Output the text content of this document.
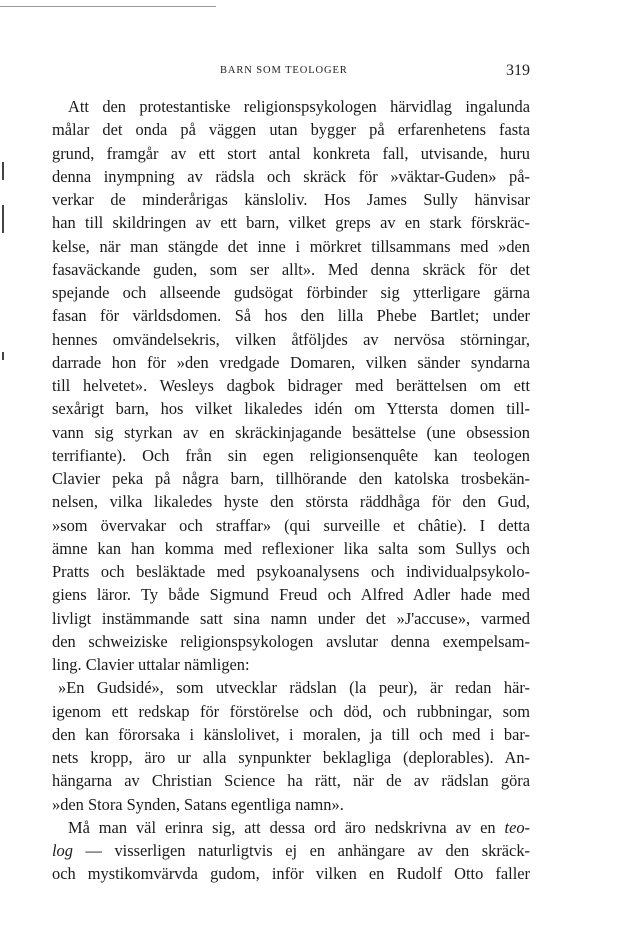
BARN SOM TEOLOGER	319
Att den protestantiske religionspsykologen härvidlag ingalunda
målar det onda på väggen utan bygger på erfarenhetens fasta
grund, framgår av ett stort antal konkreta fall, utvisande, huru
denna inympning av rädsla och skräck för »väktar-Guden» på-
verkar de minderårigas känsloliv. Hos James Sully hänvisar
han till skildringen av ett barn, vilket greps av en stark förskräc-
kelse, när man stängde det inne i mörkret tillsammans med »den
fasaväckande guden, som ser allt». Med denna skräck för det
spejande och allseende gudsögat förbinder sig ytterligare gärna
fasan för världsdomen. Så hos den lilla Phebe Bartlet; under
hennes omvändelsekris, vilken åtföljdes av nervösa störningar,
darrade hon för »den vredgade Domaren, vilken sänder syndarna
till helvetet». Wesleys dagbok bidrager med berättelsen om ett
sexårigt barn, hos vilket likaledes idén om Yttersta domen till-
vann sig styrkan av en skräckinjagande besättelse (une obsession
terrifiante). Och från sin egen religionsenquête kan teologen
Clavier peka på några barn, tillhörande den katolska trosbekän-
nelsen, vilka likaledes hyste den största räddhåga för den Gud,
»som övervakar och straffar» (qui surveille et châtie). I detta
ämne kan han komma med reflexioner lika salta som Sullys och
Pratts och besläktade med psykoanalysens och individualpsykolo-
giens läror. Ty både Sigmund Freud och Alfred Adler hade med
livligt instämmande satt sina namn under det »J'accuse», varmed
den schweiziske religionspsykologen avslutar denna exempelsam-
ling. Clavier uttalar nämligen:
»En Gudsidé», som utvecklar rädslan (la peur), är redan här-
igenom ett redskap för förstörelse och död, och rubbningar, som
den kan förorsaka i känslolivet, i moralen, ja till och med i bar-
nets kropp, äro ur alla synpunkter beklagliga (deplorables). An-
hängarna av Christian Science ha rätt, när de av rädslan göra
»den Stora Synden, Satans egentliga namn».
Må man väl erinra sig, att dessa ord äro nedskrivna av en teo-
log — visserligen naturligtvis ej en anhängare av den skräck-
och mystikomvärvda gudom, inför vilken en Rudolf Otto faller
